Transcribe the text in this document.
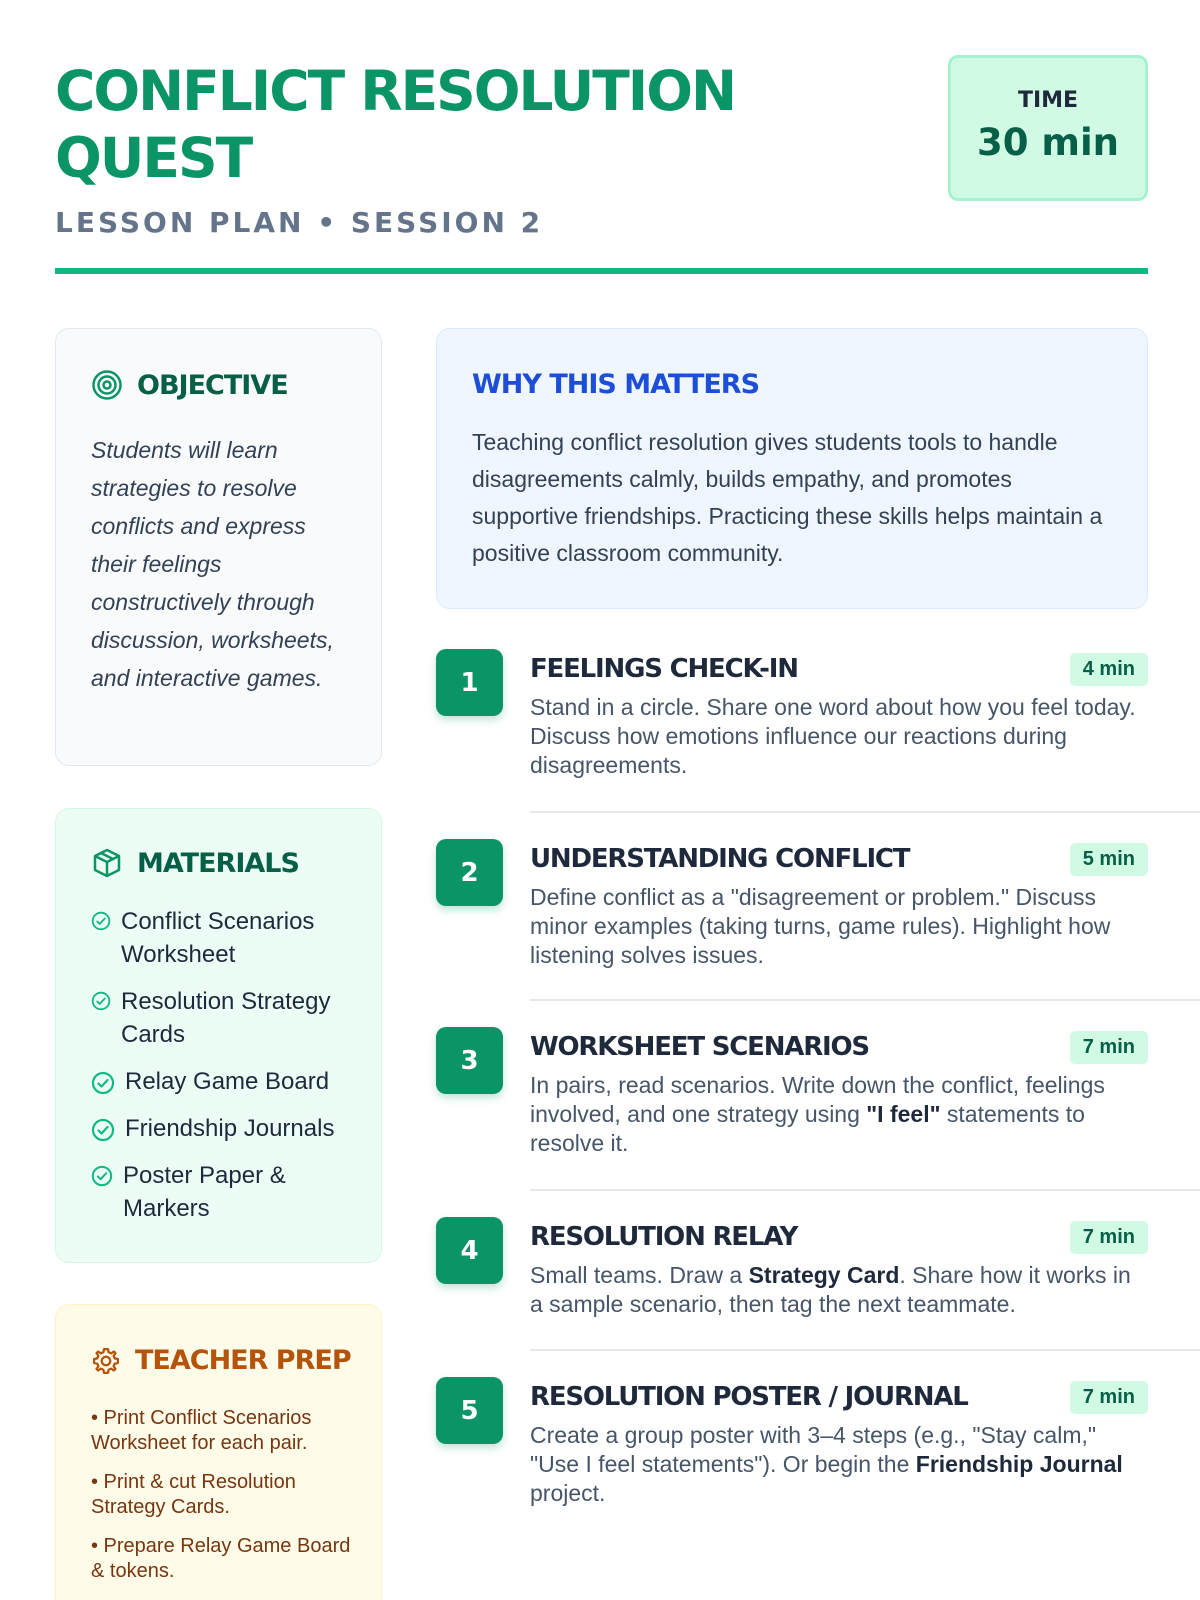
CONFLICT RESOLUTION QUEST
LESSON PLAN • SESSION 2
TIME
30 min
OBJECTIVE

Students will learn strategies to resolve conflicts and express their feelings constructively through discussion, worksheets, and interactive games.

MATERIALS
Conflict Scenarios Worksheet
Resolution Strategy Cards
Relay Game Board
Friendship Journals
Poster Paper & Markers
TEACHER PREP
• Print Conflict Scenarios Worksheet for each pair.
• Print & cut Resolution Strategy Cards.
• Prepare Relay Game Board & tokens.
WHY THIS MATTERS

Teaching conflict resolution gives students tools to handle disagreements calmly, builds empathy, and promotes supportive friendships. Practicing these skills helps maintain a positive classroom community.

1	FEELINGS CHECK-IN	4 min

Stand in a circle. Share one word about how you feel today. Discuss how emotions influence our reactions during disagreements.

2	UNDERSTANDING CONFLICT	5 min

Define conflict as a "disagreement or problem." Discuss minor examples (taking turns, game rules). Highlight how listening solves issues.

3	WORKSHEET SCENARIOS	7 min

In pairs, read scenarios. Write down the conflict, feelings involved, and one strategy using "I feel" statements to resolve it.

4	RESOLUTION RELAY	7 min

Small teams. Draw a Strategy Card. Share how it works in a sample scenario, then tag the next teammate.

5	RESOLUTION POSTER / JOURNAL	7 min

Create a group poster with 3–4 steps (e.g., "Stay calm," "Use I feel statements"). Or begin the Friendship Journal project.
